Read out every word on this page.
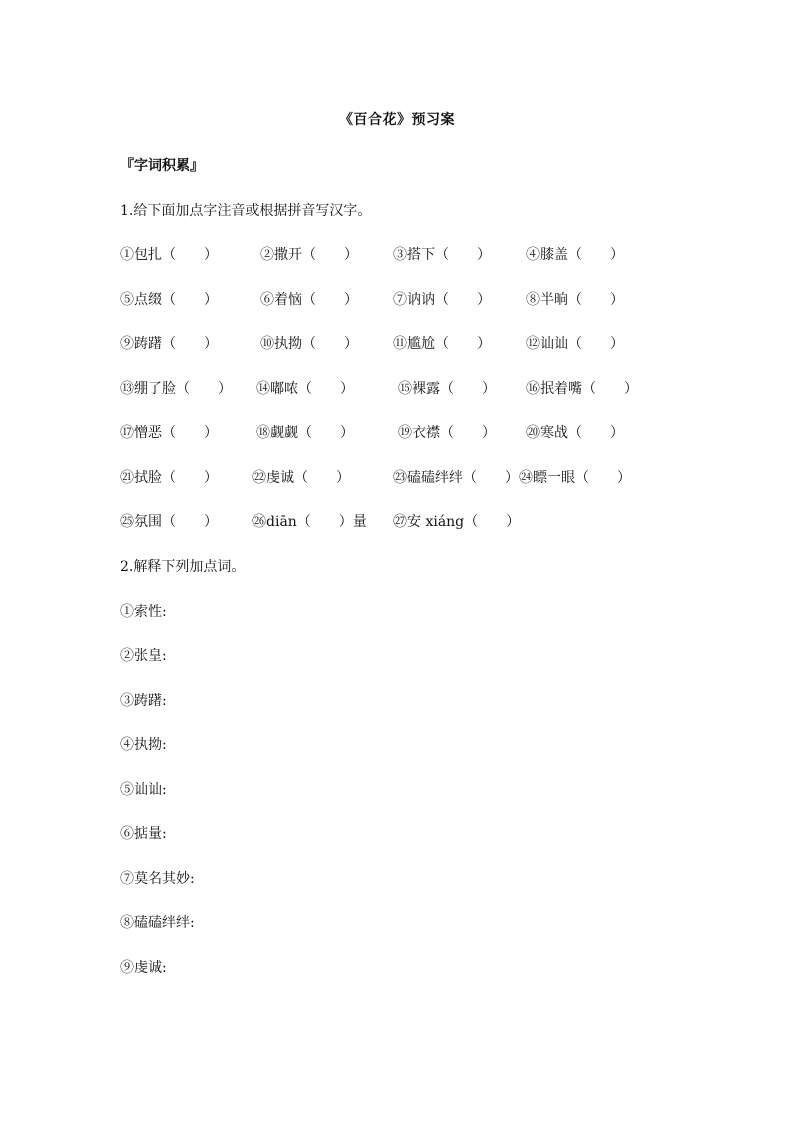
《百合花》预习案
『字词积累』
1.给下面加点字注音或根据拼音写汉字。
①包扎（　　）	②撒开（　　）	③搭下（　　）	④膝盖（　　）
⑤点缀（　　）	⑥着恼（　　）	⑦讷讷（　　）	⑧半晌（　　）
⑨踌躇（　　）	⑩执拗（　　）	⑪尴尬（　　）	⑫讪讪（　　）
⑬绷了脸（　　） ⑭嘟哝（　　）	⑮裸露（　　） ⑯抿着嘴（　　）
⑰憎恶（　　）	⑱觑觑（　　）	⑲衣襟（　　） ⑳寒战（　　）
㉑拭脸（　　） ㉒虔诚（　　）	㉓磕磕绊绊（　　） ㉔瞟一眼（　　）
㉕氛围（　　） ㉖diān（　　）量 ㉗安 xiáng（　　）
2.解释下列加点词。
①索性:
②张皇:
③踌躇:
④执拗:
⑤讪讪:
⑥掂量:
⑦莫名其妙:
⑧磕磕绊绊:
⑨虔诚:
